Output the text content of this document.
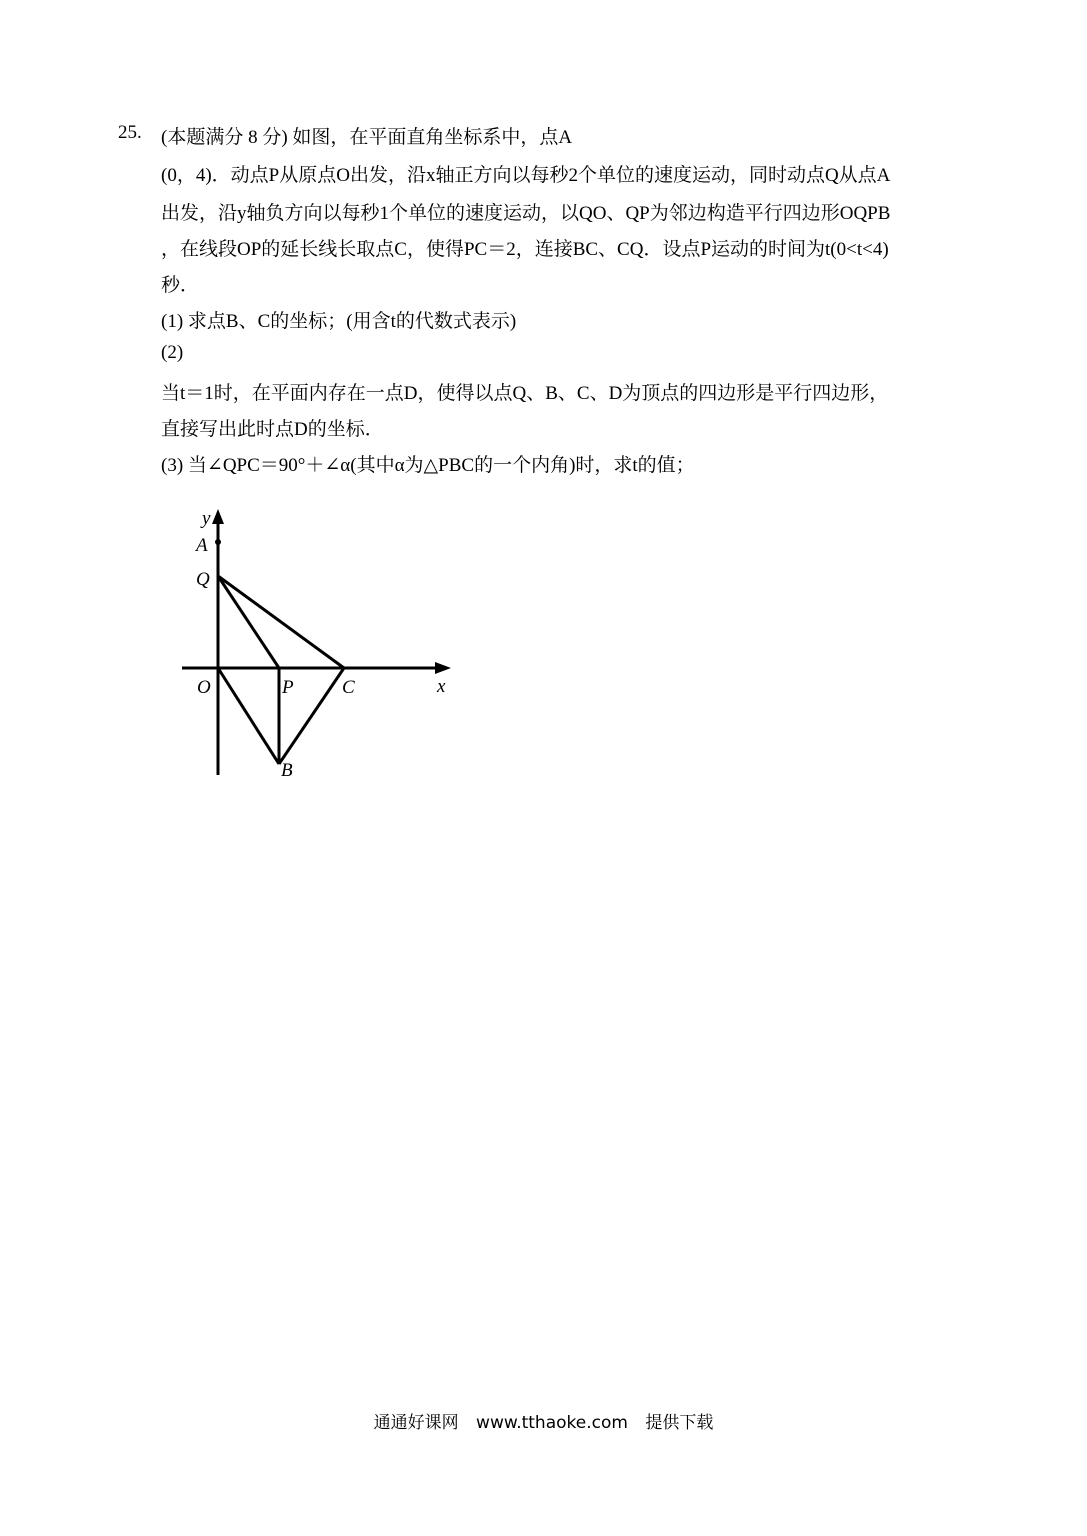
25. (本题满分 8 分) 如图，在平面直角坐标系中，点A
(0，4)．动点P从原点O出发，沿x轴正方向以每秒2个单位的速度运动，同时动点Q从点A
出发，沿y轴负方向以每秒1个单位的速度运动，以QO、QP为邻边构造平行四边形OQPB
，在线段OP的延长线长取点C，使得PC＝2，连接BC、CQ．设点P运动的时间为t(0<t<4)
秒．
(1) 求点B、C的坐标；(用含t的代数式表示)
(2)
当t＝1时，在平面内存在一点D，使得以点Q、B、C、D为顶点的四边形是平行四边形，
直接写出此时点D的坐标．
(3) 当∠QPC＝90°＋∠α(其中α为△PBC的一个内角)时，求t的值；
y
A
Q
O	P	C	x
B
通通好课网 www.tthaoke.com 提供下载
